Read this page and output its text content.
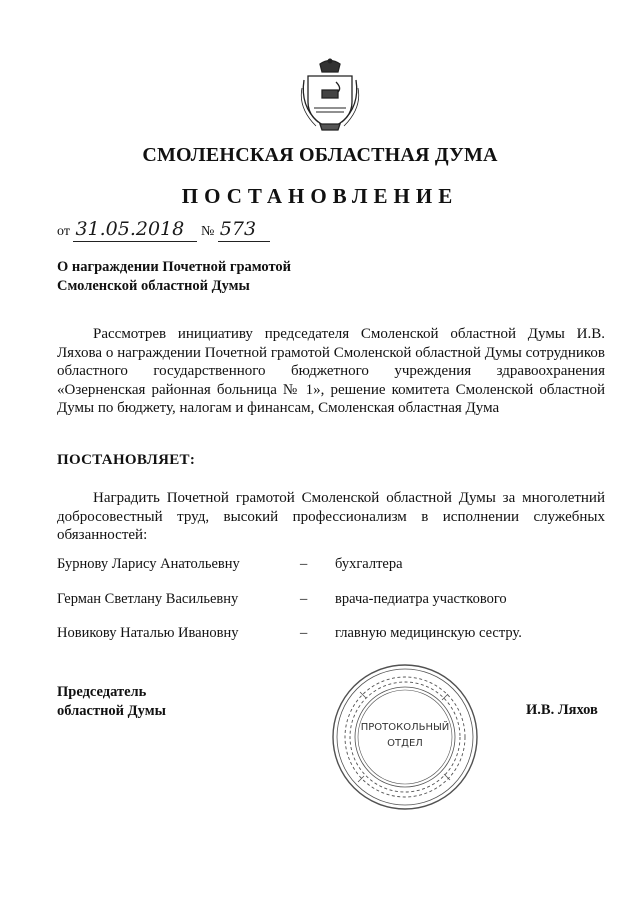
СМОЛЕНСКАЯ ОБЛАСТНАЯ ДУМА
ПОСТАНОВЛЕНИЕ
от 31.05.2018 № 573
О награждении Почетной грамотой
Смоленской областной Думы
Рассмотрев инициативу председателя Смоленской областной Думы И.В. Ляхова о награждении Почетной грамотой Смоленской областной Думы сотрудников областного государственного бюджетного учреждения здравоохранения «Озерненская районная больница № 1», решение комитета Смоленской областной Думы по бюджету, налогам и финансам, Смоленская областная Дума
ПОСТАНОВЛЯЕТ:
Наградить Почетной грамотой Смоленской областной Думы за многолетний добросовестный труд, высокий профессионализм в исполнении служебных обязанностей:
Бурнову Ларису Анатольевну	– бухгалтера
Герман Светлану Васильевну	– врача-педиатра участкового
Новикову Наталью Ивановну	– главную медицинскую сестру.
Председатель
областной Думы	И.В. Ляхов
ПРОТОКОЛЬНЫЙ
ОТДЕЛ
